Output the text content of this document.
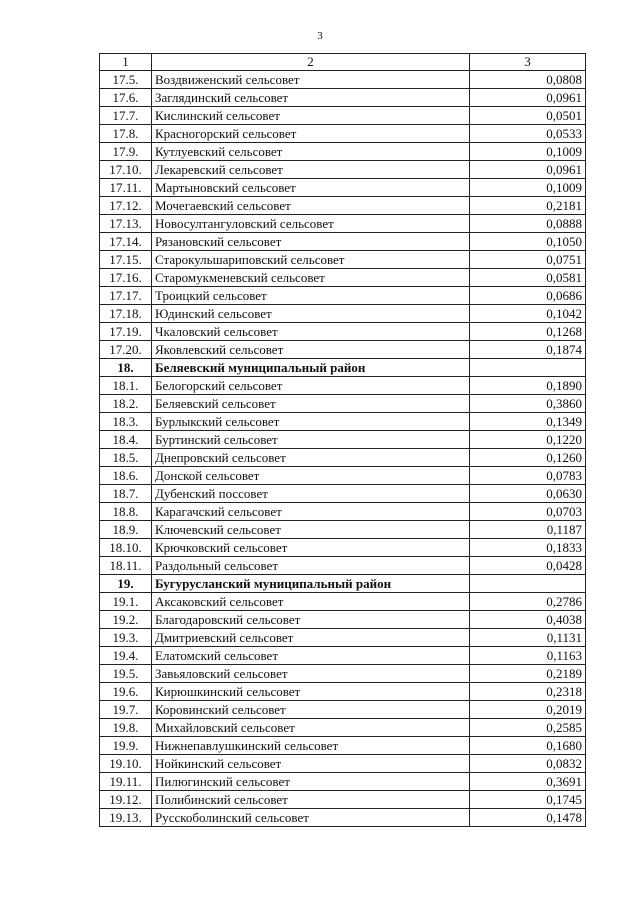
3
1	2	3
17.5.	Воздвиженский сельсовет	0,0808
17.6.	Заглядинский сельсовет	0,0961
17.7.	Кислинский сельсовет	0,0501
17.8.	Красногорский сельсовет	0,0533
17.9.	Кутлуевский сельсовет	0,1009
17.10.	Лекаревский сельсовет	0,0961
17.11.	Мартыновский сельсовет	0,1009
17.12.	Мочегаевский сельсовет	0,2181
17.13.	Новосултангуловский сельсовет	0,0888
17.14.	Рязановский сельсовет	0,1050
17.15.	Старокульшариповский сельсовет	0,0751
17.16.	Старомукменевский сельсовет	0,0581
17.17.	Троицкий сельсовет	0,0686
17.18.	Юдинский сельсовет	0,1042
17.19.	Чкаловский сельсовет	0,1268
17.20.	Яковлевский сельсовет	0,1874
18.	Беляевский муниципальный район	
18.1.	Белогорский сельсовет	0,1890
18.2.	Беляевский сельсовет	0,3860
18.3.	Бурлыкский сельсовет	0,1349
18.4.	Буртинский сельсовет	0,1220
18.5.	Днепровский сельсовет	0,1260
18.6.	Донской сельсовет	0,0783
18.7.	Дубенский поссовет	0,0630
18.8.	Карагачский сельсовет	0,0703
18.9.	Ключевский сельсовет	0,1187
18.10.	Крючковский сельсовет	0,1833
18.11.	Раздольный сельсовет	0,0428
19.	Бугурусланский муниципальный район	
19.1.	Аксаковский сельсовет	0,2786
19.2.	Благодаровский сельсовет	0,4038
19.3.	Дмитриевский сельсовет	0,1131
19.4.	Елатомский сельсовет	0,1163
19.5.	Завьяловский сельсовет	0,2189
19.6.	Кирюшкинский сельсовет	0,2318
19.7.	Коровинский сельсовет	0,2019
19.8.	Михайловский сельсовет	0,2585
19.9.	Нижнепавлушкинский сельсовет	0,1680
19.10.	Нойкинский сельсовет	0,0832
19.11.	Пилюгинский сельсовет	0,3691
19.12.	Полибинский сельсовет	0,1745
19.13.	Русскоболинский сельсовет	0,1478
